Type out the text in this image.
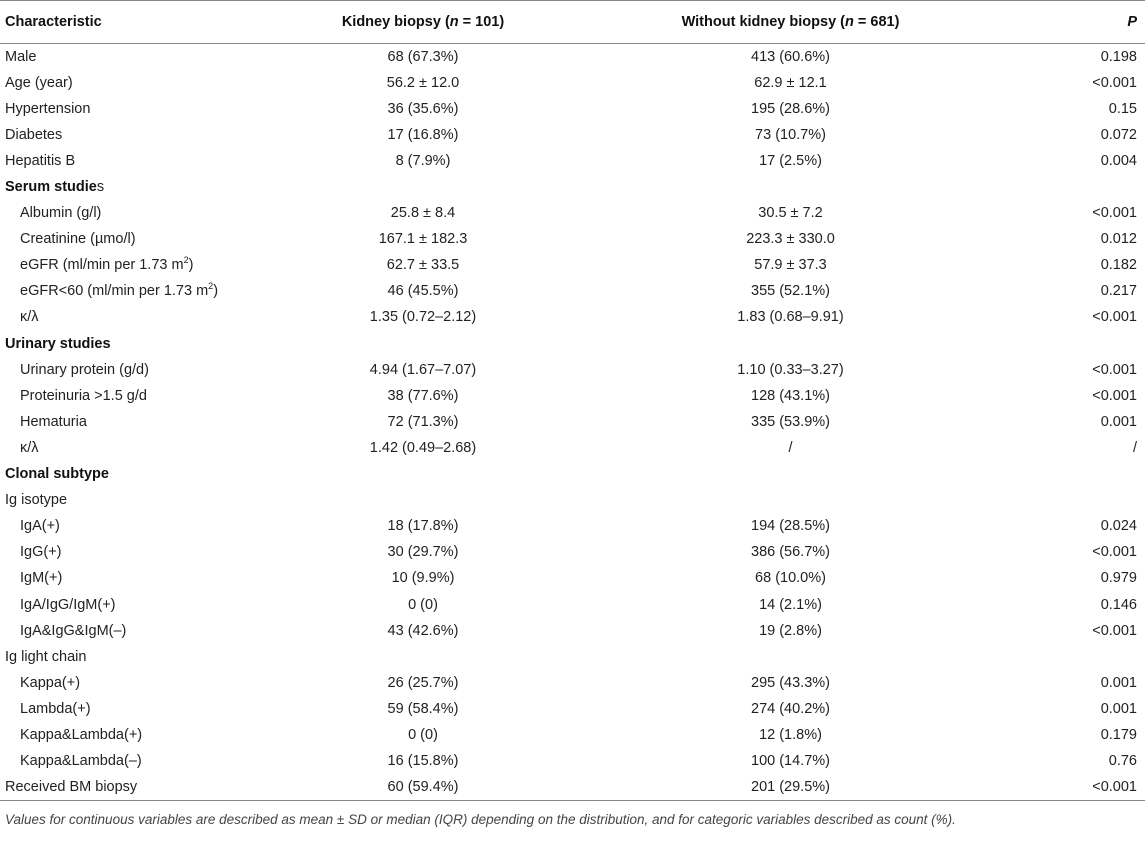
Characteristic	Kidney biopsy (n = 101)	Without kidney biopsy (n = 681)	P
Male	68 (67.3%)	413 (60.6%)	0.198
Age (year)	56.2 ± 12.0	62.9 ± 12.1	<0.001
Hypertension	36 (35.6%)	195 (28.6%)	0.15
Diabetes	17 (16.8%)	73 (10.7%)	0.072
Hepatitis B	8 (7.9%)	17 (2.5%)	0.004
Serum studies			
Albumin (g/l)	25.8 ± 8.4	30.5 ± 7.2	<0.001
Creatinine (µmo/l)	167.1 ± 182.3	223.3 ± 330.0	0.012
eGFR (ml/min per 1.73 $m^2$)	62.7 ± 33.5	57.9 ± 37.3	0.182
eGFR<60 (ml/min per 1.73 $m^2$)	46 (45.5%)	355 (52.1%)	0.217
κ/λ	1.35 (0.72–2.12)	1.83 (0.68–9.91)	<0.001
Urinary studies			
Urinary protein (g/d)	4.94 (1.67–7.07)	1.10 (0.33–3.27)	<0.001
Proteinuria >1.5 g/d	38 (77.6%)	128 (43.1%)	<0.001
Hematuria	72 (71.3%)	335 (53.9%)	0.001
κ/λ	1.42 (0.49–2.68)	/	/
Clonal subtype			
Ig isotype			
IgA(+)	18 (17.8%)	194 (28.5%)	0.024
IgG(+)	30 (29.7%)	386 (56.7%)	<0.001
IgM(+)	10 (9.9%)	68 (10.0%)	0.979
IgA/IgG/IgM(+)	0 (0)	14 (2.1%)	0.146
IgA&IgG&IgM(–)	43 (42.6%)	19 (2.8%)	<0.001
Ig light chain			
Kappa(+)	26 (25.7%)	295 (43.3%)	0.001
Lambda(+)	59 (58.4%)	274 (40.2%)	0.001
Kappa&Lambda(+)	0 (0)	12 (1.8%)	0.179
Kappa&Lambda(–)	16 (15.8%)	100 (14.7%)	0.76
Received BM biopsy	60 (59.4%)	201 (29.5%)	<0.001
Values for continuous variables are described as mean ± SD or median (IQR) depending on the distribution, and for categoric variables described as count (%).
